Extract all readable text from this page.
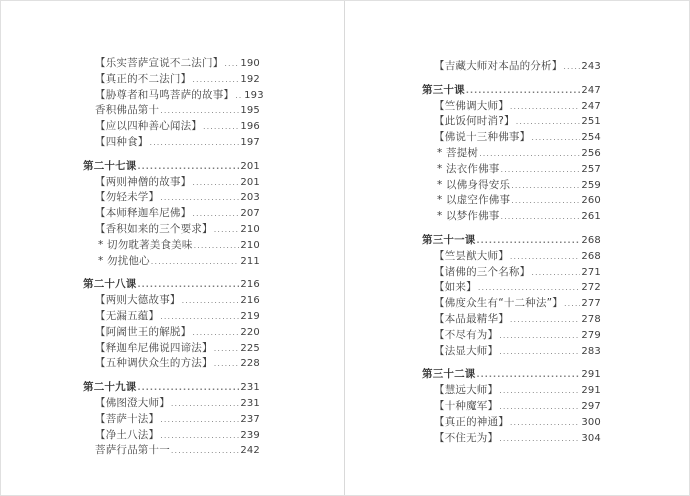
【乐实菩萨宣说不二法门】 ..... 190
【真正的不二法门】 .....	192
【胁尊者和马鸣菩萨的故事】 ..... 193
香积佛品第十 .....	195
【应以四种善心闻法】 .....	196
【四种食】 .....	197
第二十七课 .....	201
【两则神僧的故事】 .....	201
【勿轻未学】 .....	203
【本师释迦牟尼佛】 .....	207
【香积如来的三个要求】 .....	210
* 切勿耽著美食美味 .....	210
* 勿扰他心 .....	211
第二十八课 .....	216
【两则大德故事】 .....	216
【无漏五蕴】 .....	219
【阿阇世王的解脱】 .....	220
【释迦牟尼佛说四谛法】 .....	225
【五种调伏众生的方法】 .....	228
第二十九课 .....	231
【佛图澄大师】 .....	231
【菩萨十法】 .....	237
【净土八法】 .....	239
菩萨行品第十一 .....	242
【吉藏大师对本品的分析】 ..... 243
第三十课 .....	247
【竺佛调大师】 .....	247
【此饭何时消?】 .....	251
【佛说十三种佛事】 .....	254
* 菩提树 .....	256
* 法衣作佛事 .....	257
* 以佛身得安乐 .....	259
* 以虚空作佛事 .....	260
* 以梦作佛事 .....	261
第三十一课 .....	268
【竺昙猷大师】 .....	268
【诸佛的三个名称】 .....	271
【如来】 .....	272
【佛度众生有“十二种法”】 ..... 277
【本品最精华】 .....	278
【不尽有为】 .....	279
【法显大师】 .....	283
第三十二课 .....	291
【慧远大师】 .....	291
【十种魔军】 .....	297
【真正的神通】 .....	300
【不住无为】 .....	304
